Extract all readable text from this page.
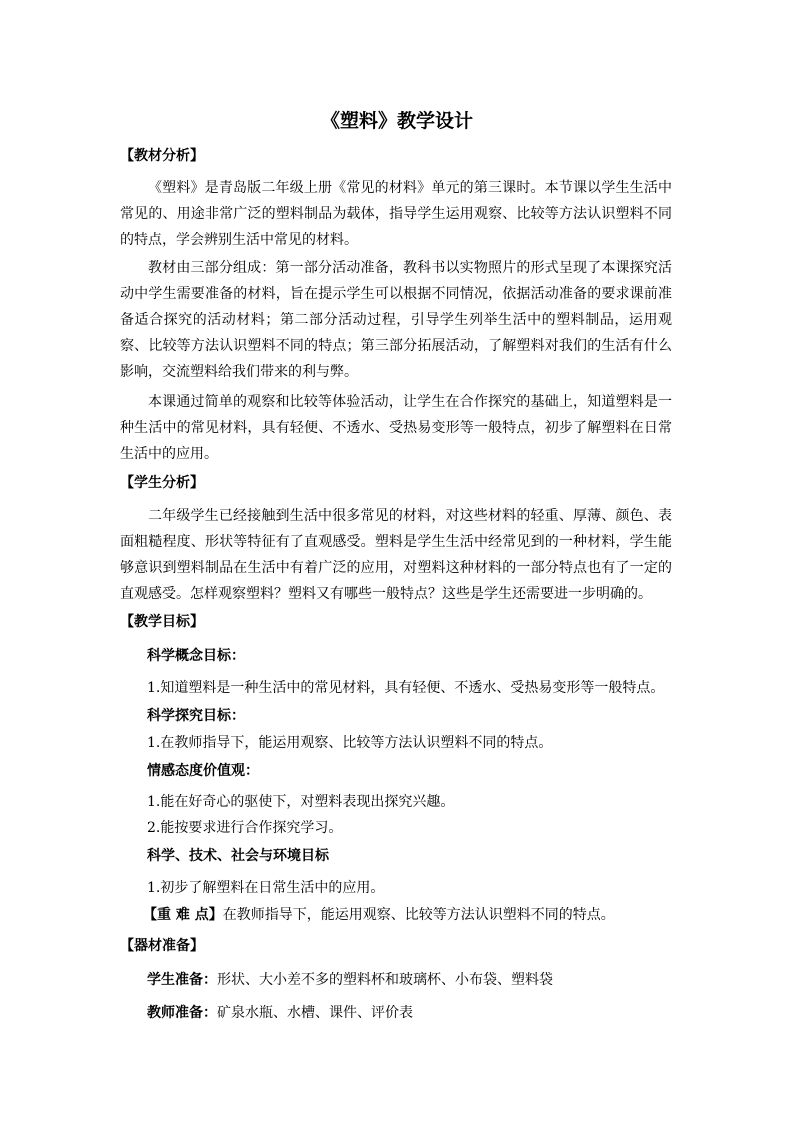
《塑料》教学设计
【教材分析】
《塑料》是青岛版二年级上册《常见的材料》单元的第三课时。本节课以学生生活中常见的、用途非常广泛的塑料制品为载体，指导学生运用观察、比较等方法认识塑料不同的特点，学会辨别生活中常见的材料。
教材由三部分组成：第一部分活动准备，教科书以实物照片的形式呈现了本课探究活动中学生需要准备的材料，旨在提示学生可以根据不同情况，依据活动准备的要求课前准备适合探究的活动材料；第二部分活动过程，引导学生列举生活中的塑料制品，运用观察、比较等方法认识塑料不同的特点；第三部分拓展活动，了解塑料对我们的生活有什么影响，交流塑料给我们带来的利与弊。
本课通过简单的观察和比较等体验活动，让学生在合作探究的基础上，知道塑料是一种生活中的常见材料，具有轻便、不透水、受热易变形等一般特点，初步了解塑料在日常生活中的应用。
【学生分析】
二年级学生已经接触到生活中很多常见的材料，对这些材料的轻重、厚薄、颜色、表面粗糙程度、形状等特征有了直观感受。塑料是学生生活中经常见到的一种材料，学生能够意识到塑料制品在生活中有着广泛的应用，对塑料这种材料的一部分特点也有了一定的直观感受。怎样观察塑料？塑料又有哪些一般特点？这些是学生还需要进一步明确的。
【教学目标】
科学概念目标：
1.知道塑料是一种生活中的常见材料，具有轻便、不透水、受热易变形等一般特点。
科学探究目标：
1.在教师指导下，能运用观察、比较等方法认识塑料不同的特点。
情感态度价值观：
1.能在好奇心的驱使下，对塑料表现出探究兴趣。
2.能按要求进行合作探究学习。
科学、技术、社会与环境目标
1.初步了解塑料在日常生活中的应用。
【重 难 点】在教师指导下，能运用观察、比较等方法认识塑料不同的特点。
【器材准备】
学生准备：形状、大小差不多的塑料杯和玻璃杯、小布袋、塑料袋
教师准备：矿泉水瓶、水槽、课件、评价表
